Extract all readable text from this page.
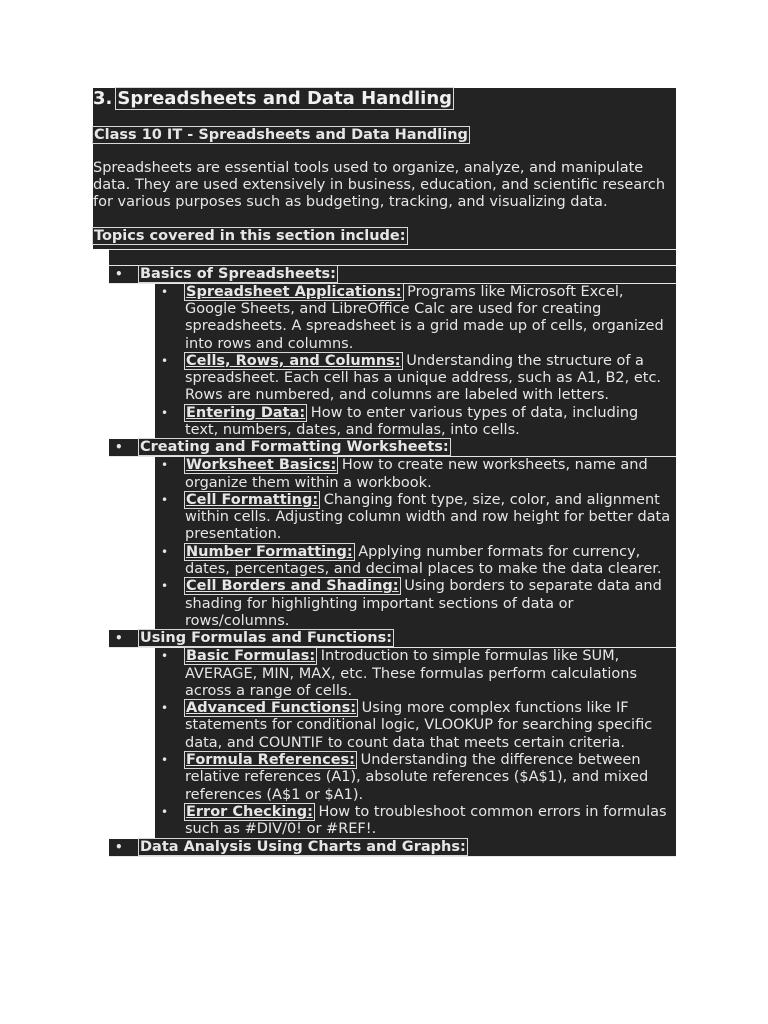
3. Spreadsheets and Data Handling
Class 10 IT - Spreadsheets and Data Handling
Spreadsheets are essential tools used to organize, analyze, and manipulate data. They are used extensively in business, education, and scientific research for various purposes such as budgeting, tracking, and visualizing data.
Topics covered in this section include:
• Basics of Spreadsheets:
• Spreadsheet Applications: Programs like Microsoft Excel, Google Sheets, and LibreOffice Calc are used for creating spreadsheets. A spreadsheet is a grid made up of cells, organized into rows and columns.
• Cells, Rows, and Columns: Understanding the structure of a spreadsheet. Each cell has a unique address, such as A1, B2, etc. Rows are numbered, and columns are labeled with letters.
• Entering Data: How to enter various types of data, including text, numbers, dates, and formulas, into cells.
• Creating and Formatting Worksheets:
• Worksheet Basics: How to create new worksheets, name and organize them within a workbook.
• Cell Formatting: Changing font type, size, color, and alignment within cells. Adjusting column width and row height for better data presentation.
• Number Formatting: Applying number formats for currency, dates, percentages, and decimal places to make the data clearer.
• Cell Borders and Shading: Using borders to separate data and shading for highlighting important sections of data or rows/columns.
• Using Formulas and Functions:
• Basic Formulas: Introduction to simple formulas like SUM, AVERAGE, MIN, MAX, etc. These formulas perform calculations across a range of cells.
• Advanced Functions: Using more complex functions like IF statements for conditional logic, VLOOKUP for searching specific data, and COUNTIF to count data that meets certain criteria.
• Formula References: Understanding the difference between relative references (A1), absolute references ($A$1), and mixed references (A$1 or $A1).
• Error Checking: How to troubleshoot common errors in formulas such as #DIV/0! or #REF!.
• Data Analysis Using Charts and Graphs:
